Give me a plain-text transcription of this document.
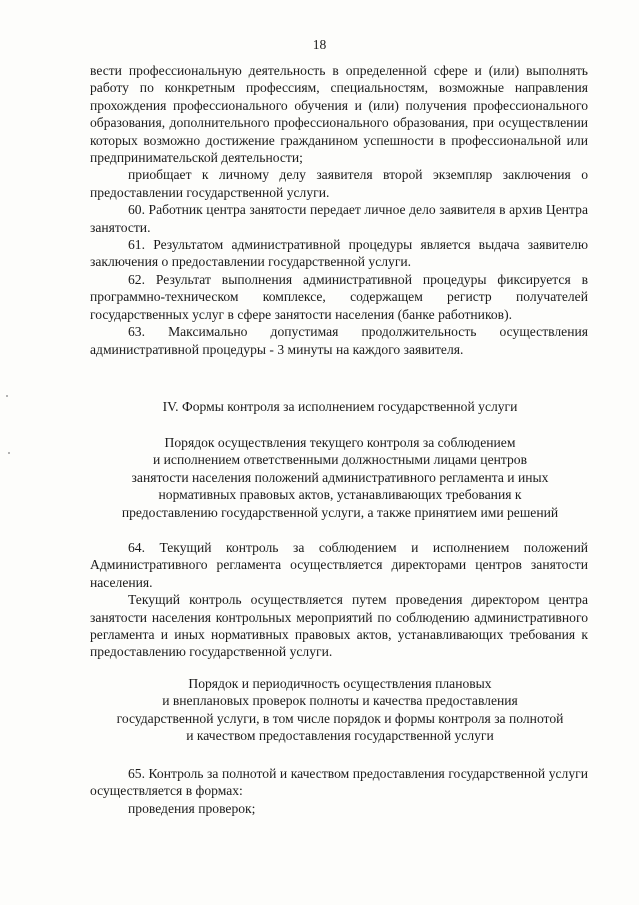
18

вести профессиональную деятельность в определенной сфере и (или) выполнять работу по конкретным профессиям, специальностям, возможные направления прохождения профессионального обучения и (или) получения профессионального образования, дополнительного профессионального образования, при осуществлении которых возможно достижение гражданином успешности в профессиональной или предпринимательской деятельности;

приобщает к личному делу заявителя второй экземпляр заключения о предоставлении государственной услуги.

60. Работник центра занятости передает личное дело заявителя в архив Центра занятости.

61. Результатом административной процедуры является выдача заявителю заключения о предоставлении государственной услуги.

62. Результат выполнения административной процедуры фиксируется в программно-техническом комплексе, содержащем регистр получателей государственных услуг в сфере занятости населения (банке работников).

63. Максимально допустимая продолжительность осуществления административной процедуры - 3 минуты на каждого заявителя.

IV. Формы контроля за исполнением государственной услуги

Порядок осуществления текущего контроля за соблюдением

и исполнением ответственными должностными лицами центров

занятости населения положений административного регламента и иных

нормативных правовых актов, устанавливающих требования к

предоставлению государственной услуги, а также принятием ими решений

64. Текущий контроль за соблюдением и исполнением положений Административного регламента осуществляется директорами центров занятости населения.

Текущий контроль осуществляется путем проведения директором центра занятости населения контрольных мероприятий по соблюдению административного регламента и иных нормативных правовых актов, устанавливающих требования к предоставлению государственной услуги.

Порядок и периодичность осуществления плановых

и внеплановых проверок полноты и качества предоставления

государственной услуги, в том числе порядок и формы контроля за полнотой

и качеством предоставления государственной услуги

65. Контроль за полнотой и качеством предоставления государственной услуги осуществляется в формах:

проведения проверок;
